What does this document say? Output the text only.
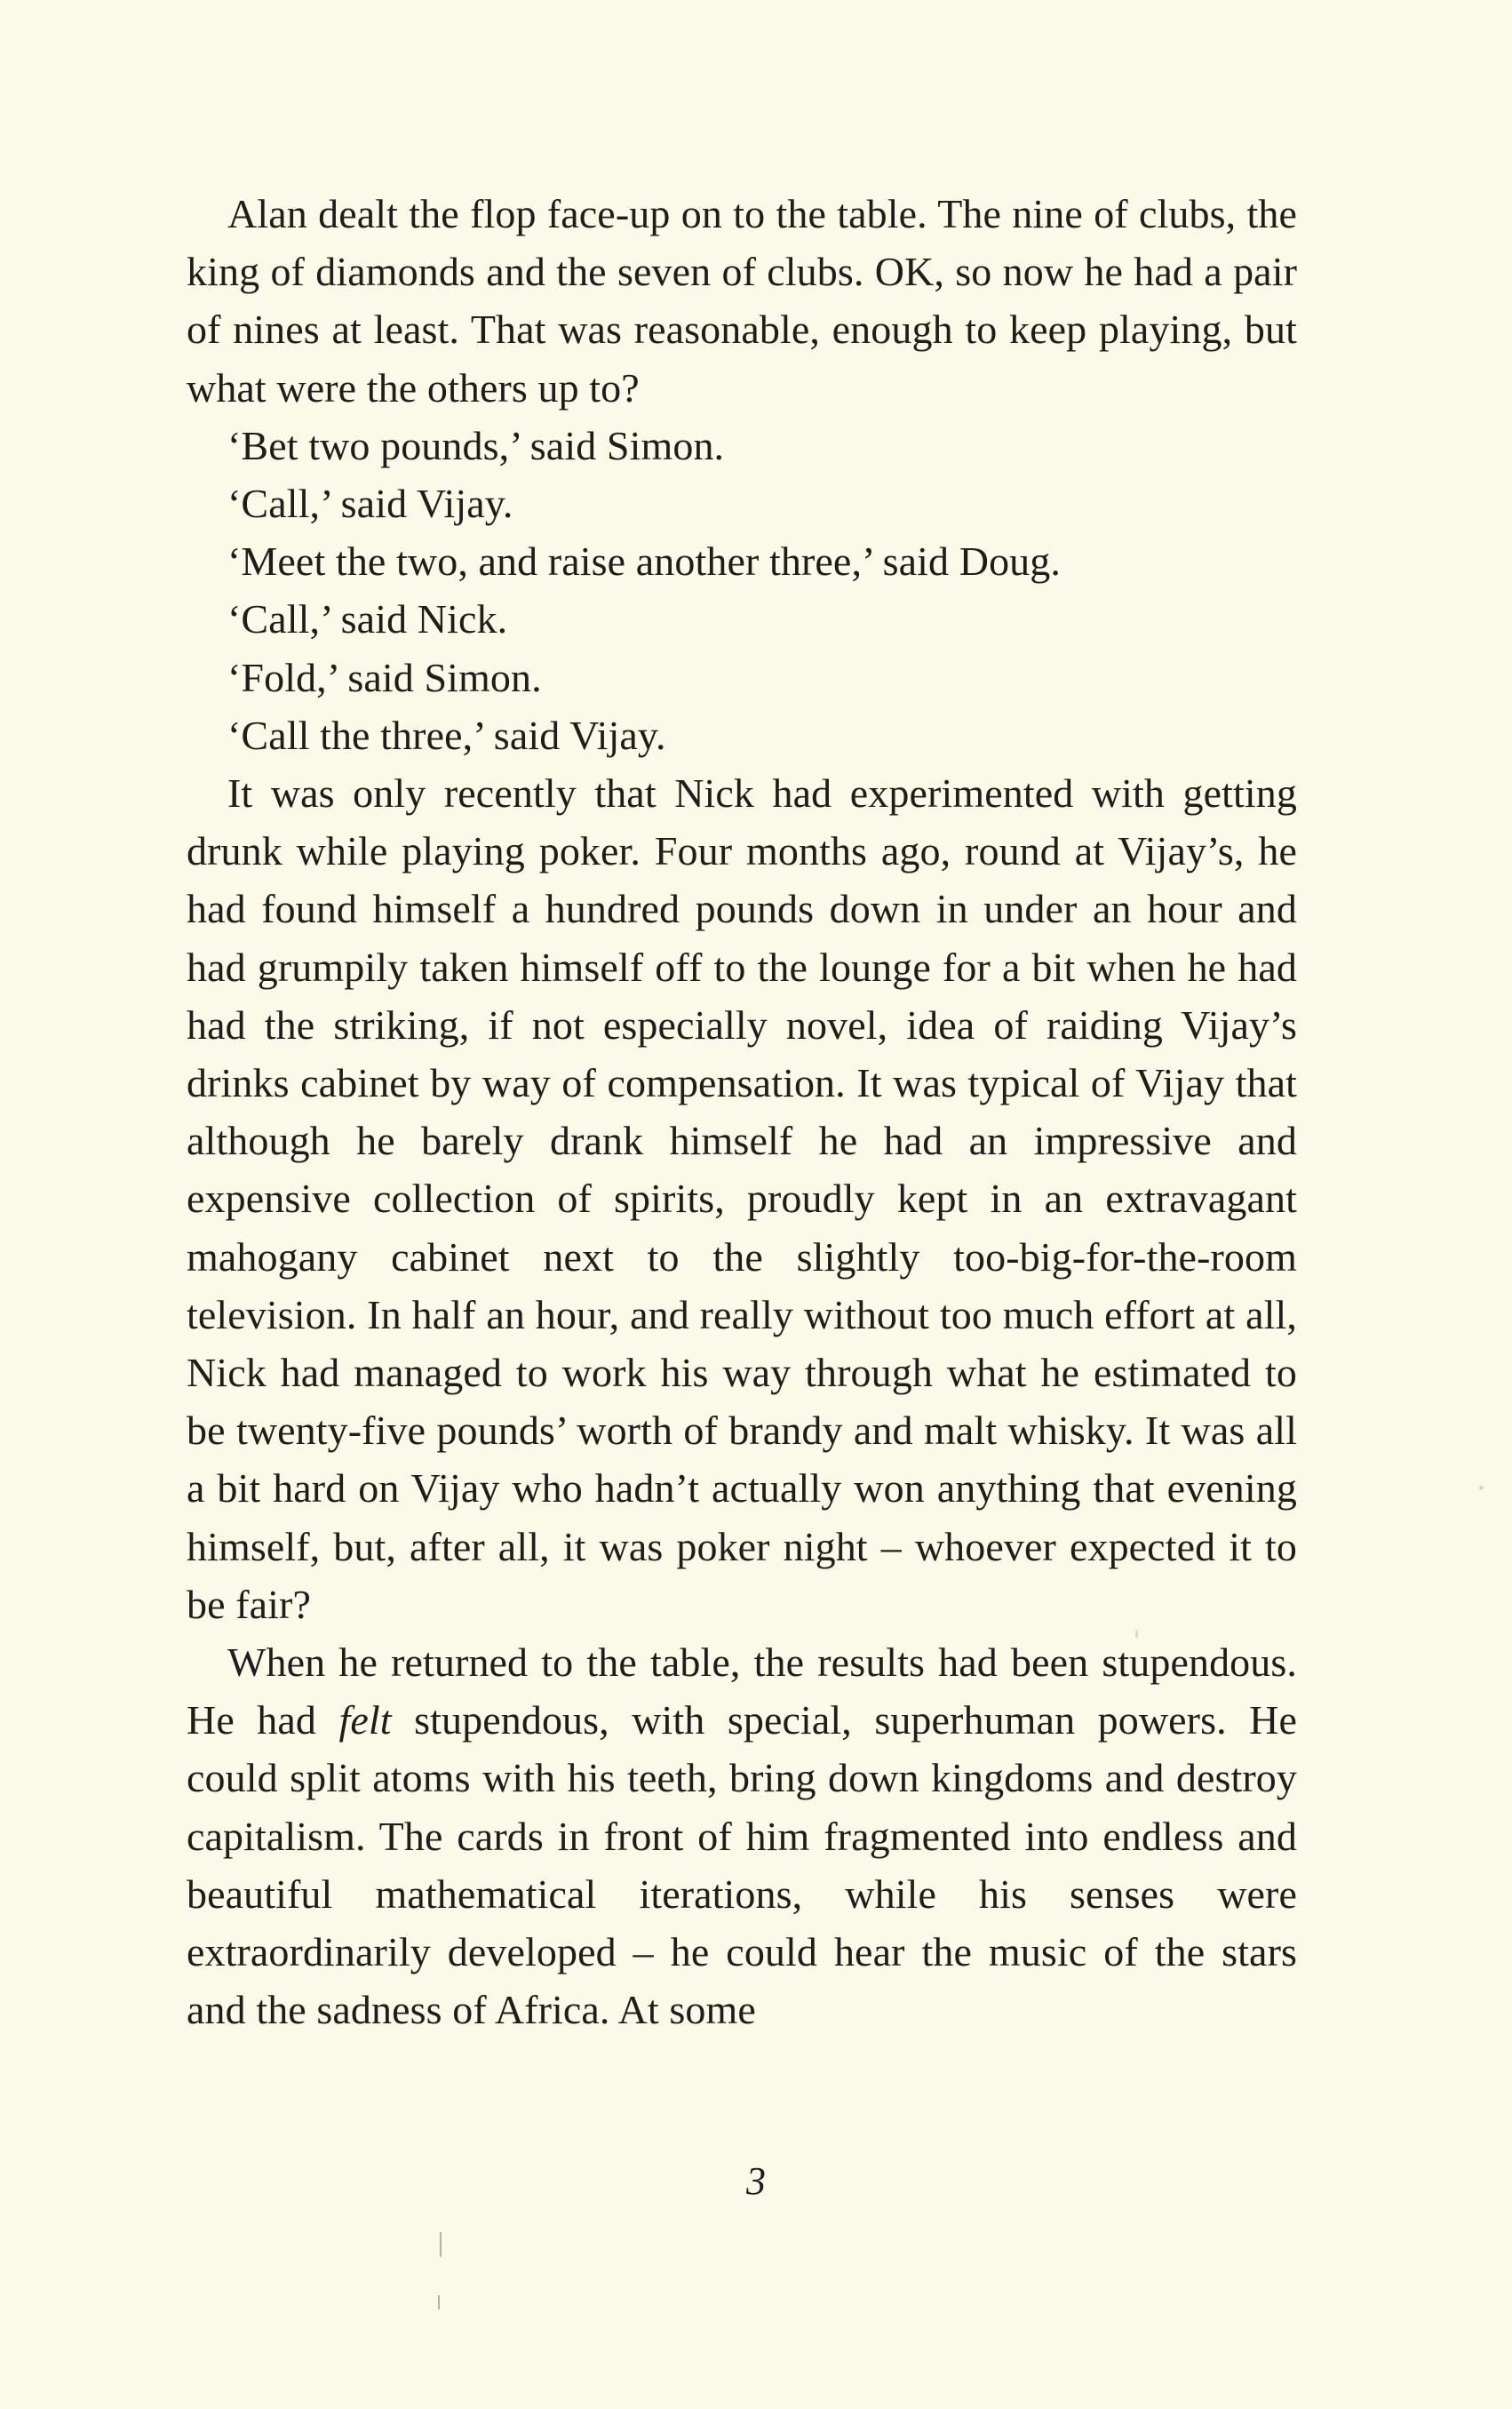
Alan dealt the flop face-up on to the table. The nine of clubs, the king of diamonds and the seven of clubs. OK, so now he had a pair of nines at least. That was reasonable, enough to keep playing, but what were the others up to?

‘Bet two pounds,’ said Simon.

‘Call,’ said Vijay.

‘Meet the two, and raise another three,’ said Doug.

‘Call,’ said Nick.

‘Fold,’ said Simon.

‘Call the three,’ said Vijay.

It was only recently that Nick had experimented with getting drunk while playing poker. Four months ago, round at Vijay’s, he had found himself a hundred pounds down in under an hour and had grumpily taken himself off to the lounge for a bit when he had had the striking, if not especially novel, idea of raiding Vijay’s drinks cabinet by way of compensation. It was typical of Vijay that although he barely drank himself he had an impressive and expensive collection of spirits, proudly kept in an extravagant mahogany cabinet next to the slightly too-big-for-the-room television. In half an hour, and really without too much effort at all, Nick had managed to work his way through what he estimated to be twenty-five pounds’ worth of brandy and malt whisky. It was all a bit hard on Vijay who hadn’t actually won anything that evening himself, but, after all, it was poker night – whoever expected it to be fair?

When he returned to the table, the results had been stupendous. He had felt stupendous, with special, superhuman powers. He could split atoms with his teeth, bring down kingdoms and destroy capitalism. The cards in front of him fragmented into endless and beautiful mathematical iterations, while his senses were extraordinarily developed – he could hear the music of the stars and the sadness of Africa. At some

3
